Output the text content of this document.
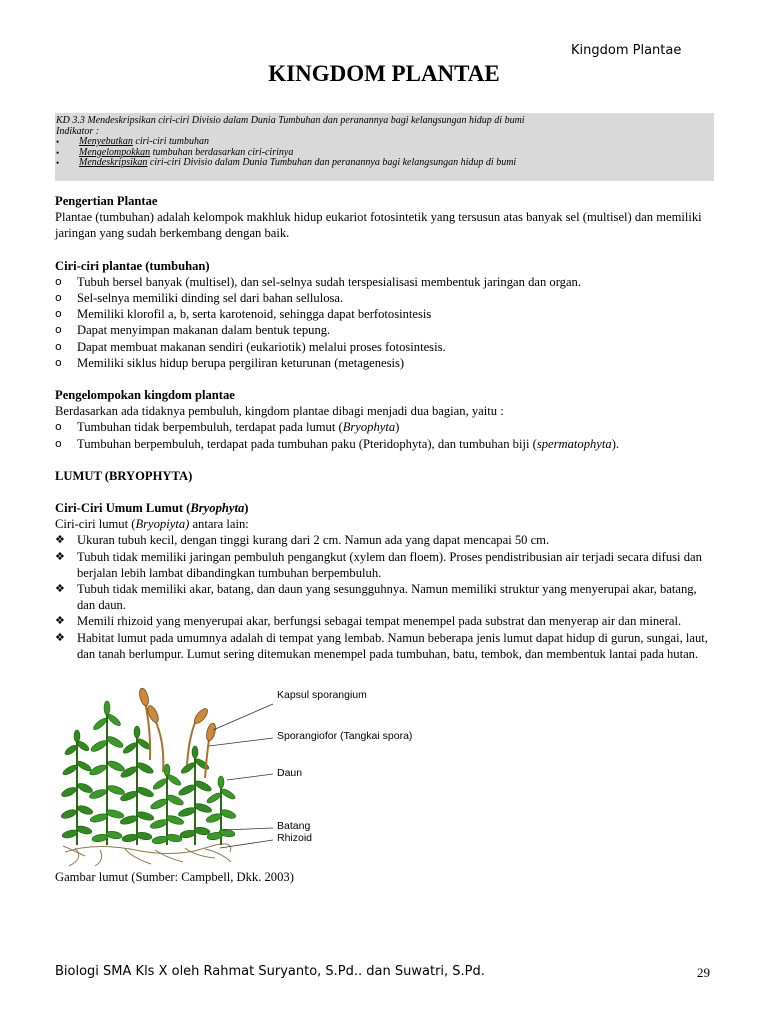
Kingdom Plantae
KINGDOM PLANTAE
KD 3.3 Mendeskripsikan ciri-ciri Divisio dalam Dunia Tumbuhan dan peranannya bagi kelangsungan hidup di bumi
Indikator :
• Menyebutkan ciri-ciri tumbuhan
• Mengelompokkan tumbuhan berdasarkan ciri-cirinya
• Mendeskripsikan ciri-ciri Divisio dalam Dunia Tumbuhan dan peranannya bagi kelangsungan hidup di bumi
Pengertian Plantae
Plantae (tumbuhan) adalah kelompok makhluk hidup eukariot fotosintetik yang tersusun atas banyak sel (multisel) dan memiliki jaringan yang sudah berkembang dengan baik.
Ciri-ciri plantae (tumbuhan)
o Tubuh bersel banyak (multisel), dan sel-selnya sudah terspesialisasi membentuk jaringan dan organ.
o Sel-selnya memiliki dinding sel dari bahan sellulosa.
o Memiliki klorofil a, b, serta karotenoid, sehingga dapat berfotosintesis
o Dapat menyimpan makanan dalam bentuk tepung.
o Dapat membuat makanan sendiri (eukariotik) melalui proses fotosintesis.
o Memiliki siklus hidup berupa pergiliran keturunan (metagenesis)
Pengelompokan kingdom plantae
Berdasarkan ada tidaknya pembuluh, kingdom plantae dibagi menjadi dua bagian, yaitu :
o Tumbuhan tidak berpembuluh, terdapat pada lumut (Bryophyta)
o Tumbuhan berpembuluh, terdapat pada tumbuhan paku (Pteridophyta), dan tumbuhan biji (spermatophyta).
LUMUT (BRYOPHYTA)
Ciri-Ciri Umum Lumut (Bryophyta)
Ciri-ciri lumut (Bryopiyta) antara lain:
❖ Ukuran tubuh kecil, dengan tinggi kurang dari 2 cm. Namun ada yang dapat mencapai 50 cm.
❖ Tubuh tidak memiliki jaringan pembuluh pengangkut (xylem dan floem). Proses pendistribusian air terjadi secara difusi dan berjalan lebih lambat dibandingkan tumbuhan berpembuluh.
❖ Tubuh tidak memiliki akar, batang, dan daun yang sesungguhnya. Namun memiliki struktur yang menyerupai akar, batang, dan daun.
❖ Memili rhizoid yang menyerupai akar, berfungsi sebagai tempat menempel pada substrat dan menyerap air dan mineral.
❖ Habitat lumut pada umumnya adalah di tempat yang lembab. Namun beberapa jenis lumut dapat hidup di gurun, sungai, laut, dan tanah berlumpur. Lumut sering ditemukan menempel pada tumbuhan, batu, tembok, dan membentuk lantai pada hutan.
Kapsul sporangium
Sporangiofor (Tangkai spora)
Daun
Batang
Rhizoid
Gambar lumut (Sumber: Campbell, Dkk. 2003)
Biologi SMA Kls X oleh Rahmat Suryanto, S.Pd.. dan Suwatri, S.Pd.	29
